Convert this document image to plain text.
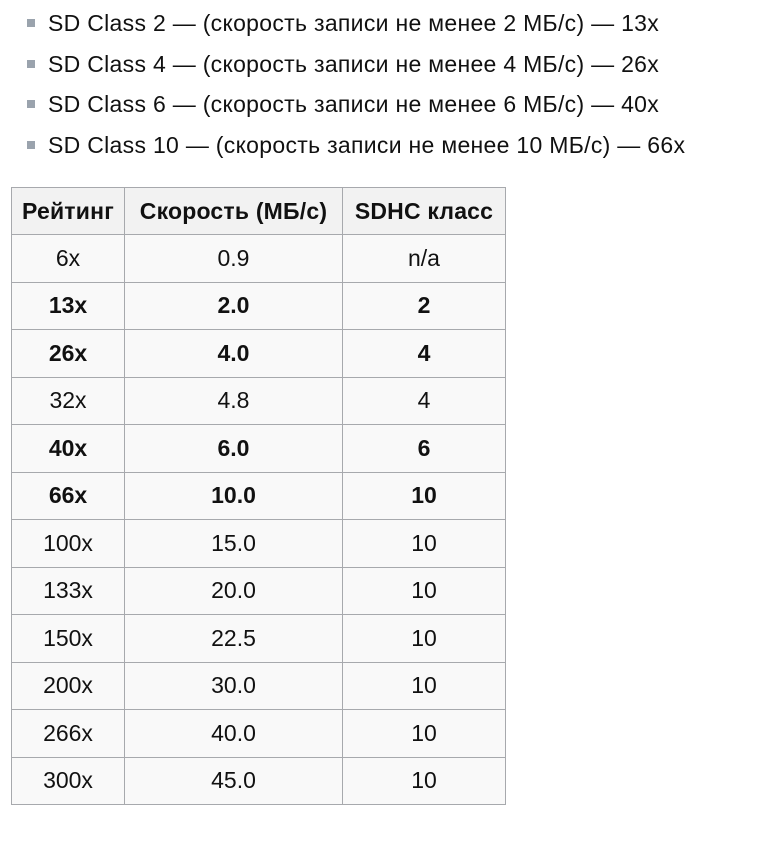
SD Class 2 — (скорость записи не менее 2 МБ/с) — 13x
SD Class 4 — (скорость записи не менее 4 МБ/с) — 26x
SD Class 6 — (скорость записи не менее 6 МБ/с) — 40x
SD Class 10 — (скорость записи не менее 10 МБ/с) — 66x
Рейтинг	Скорость (МБ/с)	SDHC класс
6x	0.9	n/a
13x	2.0	2
26x	4.0	4
32x	4.8	4
40x	6.0	6
66x	10.0	10
100x	15.0	10
133x	20.0	10
150x	22.5	10
200x	30.0	10
266x	40.0	10
300x	45.0	10
